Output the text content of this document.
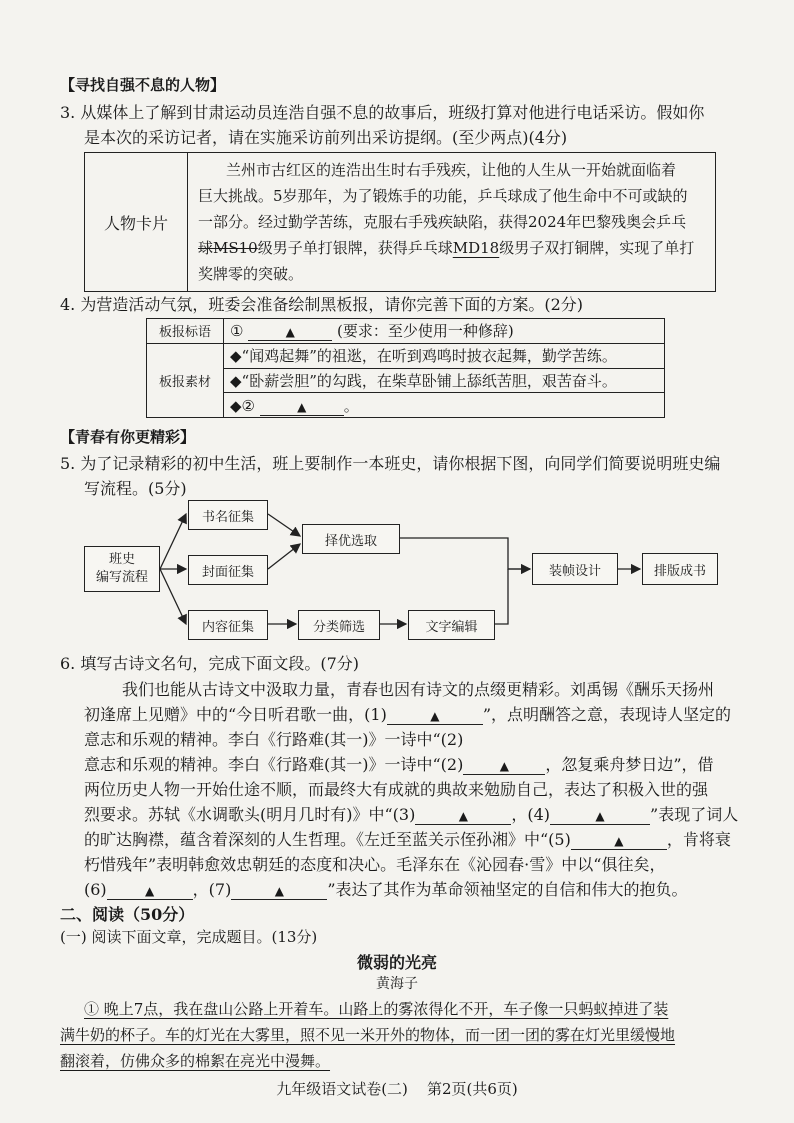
【寻找自强不息的人物】
3. 从媒体上了解到甘肃运动员连浩自强不息的故事后，班级打算对他进行电话采访。假如你
是本次的采访记者，请在实施采访前列出采访提纲。(至少两点)(4分)
人物卡片	
兰州市古红区的连浩出生时右手残疾，让他的人生从一开始就面临着
巨大挑战。5岁那年，为了锻炼手的功能，乒乓球成了他生命中不可或缺的
一部分。经过勤学苦练，克服右手残疾缺陷，获得2024年巴黎残奥会乒乓
球MS10级男子单打银牌，获得乒乓球MD18级男子双打铜牌，实现了单打
奖牌零的突破。
4. 为营造活动气氛，班委会准备绘制黑板报，请你完善下面的方案。(2分)
板报标语	① ▲ (要求：至少使用一种修辞)
板报素材	◆“闻鸡起舞”的祖逖，在听到鸡鸣时披衣起舞，勤学苦练。
	◆“卧薪尝胆”的勾践，在柴草卧铺上舔纸苦胆，艰苦奋斗。
	◆② ▲ 。
【青春有你更精彩】
5. 为了记录精彩的初中生活，班上要制作一本班史，请你根据下图，向同学们简要说明班史编
写流程。(5分)
班史
编写流程
书名征集
封面征集
内容征集
择优选取
分类筛选	文字编辑
装帧设计	排版成书
6. 填写古诗文名句，完成下面文段。(7分)
我们也能从古诗文中汲取力量，青春也因有诗文的点缀更精彩。刘禹锡《酬乐天扬州
初逢席上见赠》中的“今日听君歌一曲，(1)	▲	”，点明酬答之意，表现诗人坚定的
意志和乐观的精神。李白《行路难(其一)》一诗中“(2)
意志和乐观的精神。李白《行路难(其一)》一诗中“(2)	▲ ，忽复乘舟梦日边”，借
两位历史人物一开始仕途不顺，而最终大有成就的典故来勉励自己，表达了积极入世的强
烈要求。苏轼《水调歌头(明月几时有)》中“(3)	▲	，(4)	▲	”表现了词人
的旷达胸襟，蕴含着深刻的人生哲理。《左迁至蓝关示侄孙湘》中“(5)	▲	，肯将衰
朽惜残年”表明韩愈效忠朝廷的态度和决心。毛泽东在《沁园春·雪》中以“俱往矣，
(6)	▲ ，(7)	▲	”表达了其作为革命领袖坚定的自信和伟大的抱负。
二、阅读（50分）
(一) 阅读下面文章，完成题目。(13分)
微弱的光亮
黄海子
① 晚上7点，我在盘山公路上开着车。山路上的雾浓得化不开，车子像一只蚂蚁掉进了装
满牛奶的杯子。车的灯光在大雾里，照不见一米开外的物体，而一团一团的雾在灯光里缓慢地
翻滚着，仿佛众多的棉絮在亮光中漫舞。
九年级语文试卷(二)    第2页(共6页)
